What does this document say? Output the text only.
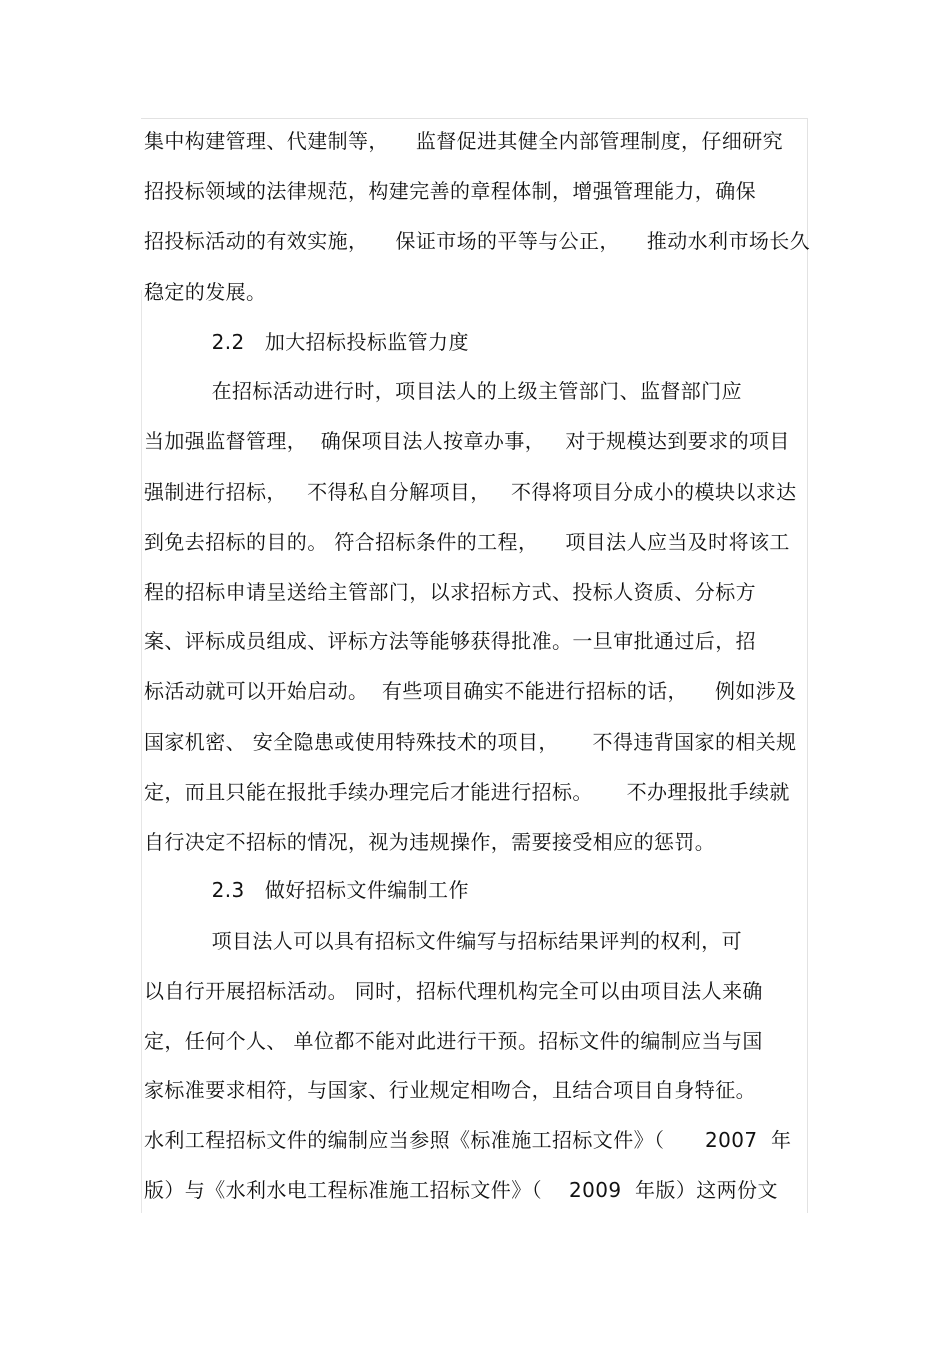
集中构建管理、代建制等，    监督促进其健全内部管理制度，仔细研究
招投标领域的法律规范，构建完善的章程体制，增强管理能力，确保
招投标活动的有效实施，    保证市场的平等与公正，    推动水利市场长久
稳定的发展。
2.2   加大招标投标监管力度
在招标活动进行时，项目法人的上级主管部门、监督部门应
当加强监督管理，  确保项目法人按章办事，   对于规模达到要求的项目
强制进行招标，   不得私自分解项目，   不得将项目分成小的模块以求达
到免去招标的目的。 符合招标条件的工程，    项目法人应当及时将该工
程的招标申请呈送给主管部门，以求招标方式、投标人资质、分标方
案、评标成员组成、评标方法等能够获得批准。一旦审批通过后，招
标活动就可以开始启动。  有些项目确实不能进行招标的话，    例如涉及
国家机密、 安全隐患或使用特殊技术的项目，     不得违背国家的相关规
定，而且只能在报批手续办理完后才能进行招标。     不办理报批手续就
自行决定不招标的情况，视为违规操作，需要接受相应的惩罚。
2.3   做好招标文件编制工作
项目法人可以具有招标文件编写与招标结果评判的权利，可
以自行开展招标活动。 同时，招标代理机构完全可以由项目法人来确
定，任何个人、 单位都不能对此进行干预。招标文件的编制应当与国
家标准要求相符，与国家、行业规定相吻合，且结合项目自身特征。
水利工程招标文件的编制应当参照《标准施工招标文件》（      2007  年
版）与《水利水电工程标准施工招标文件》（    2009  年版）这两份文
